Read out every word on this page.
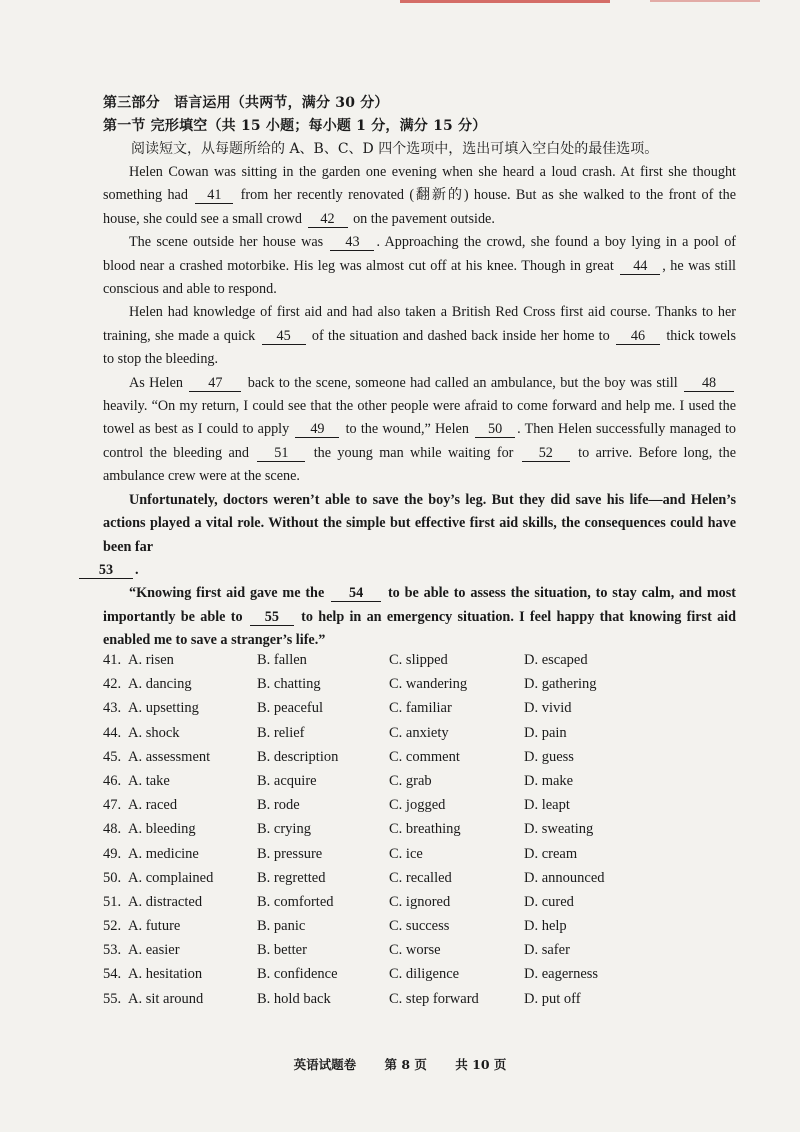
第三部分　语言运用（共两节，满分 30 分）
第一节 完形填空（共 15 小题；每小题 1 分，满分 15 分）
阅读短文，从每题所给的 A、B、C、D 四个选项中，选出可填入空白处的最佳选项。

Helen Cowan was sitting in the garden one evening when she heard a loud crash. At first she thought something had 41 from her recently renovated (翻新的) house. But as she walked to the front of the house, she could see a small crowd 42 on the pavement outside.

The scene outside her house was 43 . Approaching the crowd, she found a boy lying in a pool of blood near a crashed motorbike. His leg was almost cut off at his knee. Though in great 44 , he was still conscious and able to respond.

Helen had knowledge of first aid and had also taken a British Red Cross first aid course. Thanks to her training, she made a quick 45 of the situation and dashed back inside her home to 46 thick towels to stop the bleeding.

As Helen 47 back to the scene, someone had called an ambulance, but the boy was still 48 heavily. “On my return, I could see that the other people were afraid to come forward and help me. I used the towel as best as I could to apply 49 to the wound,” Helen 50 . Then Helen successfully managed to control the bleeding and 51 the young man while waiting for 52 to arrive. Before long, the ambulance crew were at the scene.

Unfortunately, doctors weren’t able to save the boy’s leg. But they did save his life—and Helen’s actions played a vital role. Without the simple but effective first aid skills, the consequences could have been far
53 .

“Knowing first aid gave me the 54 to be able to assess the situation, to stay calm, and most importantly be able to 55 to help in an emergency situation. I feel happy that knowing first aid enabled me to save a stranger’s life.”

41. A. risen	B. fallen	C. slipped	D. escaped
42. A. dancing	B. chatting	C. wandering	D. gathering
43. A. upsetting	B. peaceful	C. familiar	D. vivid
44. A. shock	B. relief	C. anxiety	D. pain
45. A. assessment	B. description	C. comment	D. guess
46. A. take	B. acquire	C. grab	D. make
47. A. raced	B. rode	C. jogged	D. leapt
48. A. bleeding	B. crying	C. breathing	D. sweating
49. A. medicine	B. pressure	C. ice	D. cream
50. A. complained	B. regretted	C. recalled	D. announced
51. A. distracted	B. comforted	C. ignored	D. cured
52. A. future	B. panic	C. success	D. help
53. A. easier	B. better	C. worse	D. safer
54. A. hesitation	B. confidence	C. diligence	D. eagerness
55. A. sit around	B. hold back	C. step forward	D. put off
英语试题卷 第 8 页 共 10 页
